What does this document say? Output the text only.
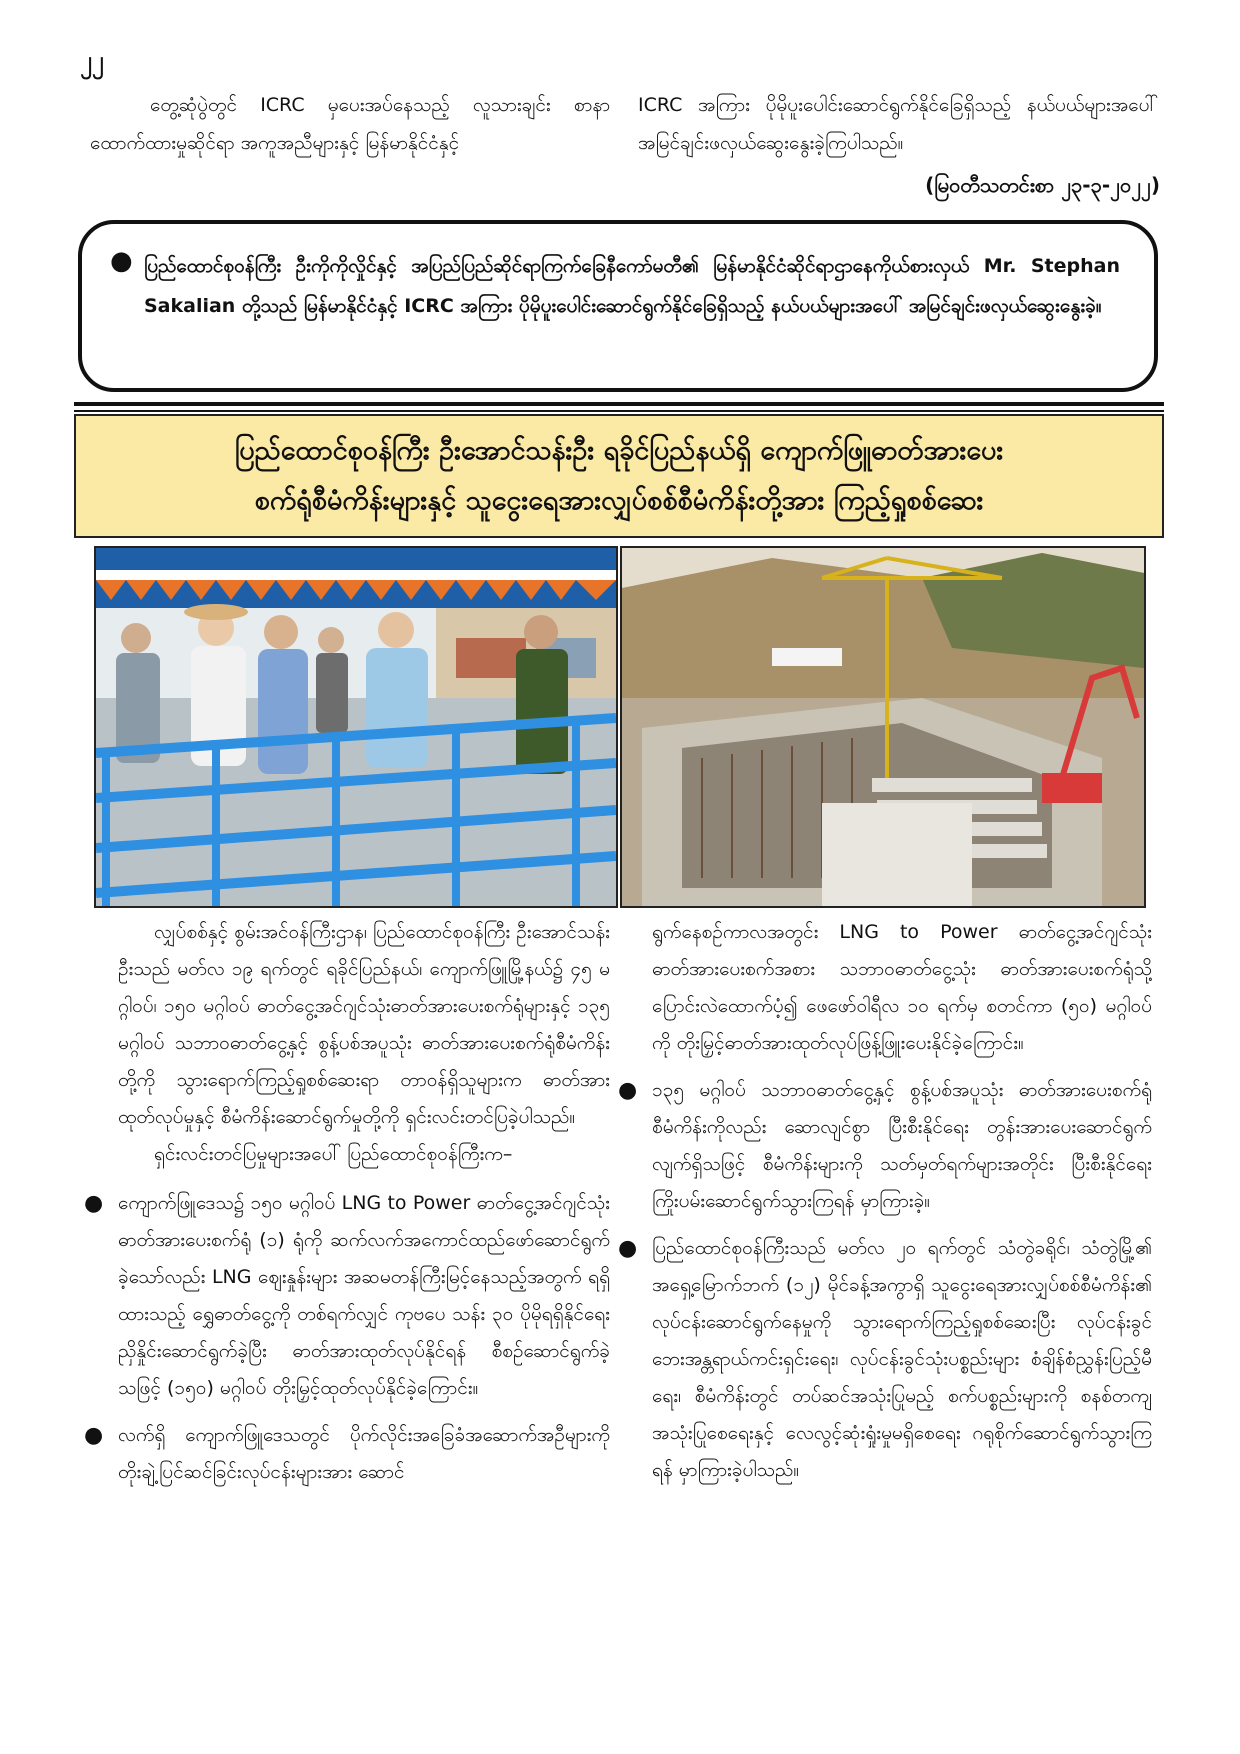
၂၂
တွေ့ဆုံပွဲတွင် ICRC မှပေးအပ်နေသည့် လူသားချင်း စာနာထောက်ထားမှုဆိုင်ရာ အကူအညီများနှင့် မြန်မာနိုင်ငံနှင့်
ICRC အကြား ပိုမိုပူးပေါင်းဆောင်ရွက်နိုင်ခြေရှိသည့် နယ်ပယ်များအပေါ် အမြင်ချင်းဖလှယ်ဆွေးနွေးခဲ့ကြပါသည်။
(မြဝတီသတင်းစာ ၂၃-၃-၂၀၂၂)
● ပြည်ထောင်စုဝန်ကြီး ဦးကိုကိုလှိုင်နှင့် အပြည်ပြည်ဆိုင်ရာကြက်ခြေနီကော်မတီ၏ မြန်မာနိုင်ငံဆိုင်ရာဌာနေကိုယ်စားလှယ် Mr. Stephan Sakalian တို့သည် မြန်မာနိုင်ငံနှင့် ICRC အကြား ပိုမိုပူးပေါင်းဆောင်ရွက်နိုင်ခြေရှိသည့် နယ်ပယ်များအပေါ် အမြင်ချင်းဖလှယ်ဆွေးနွေးခဲ့။
ပြည်ထောင်စုဝန်ကြီး ဦးအောင်သန်းဦး ရခိုင်ပြည်နယ်ရှိ ကျောက်ဖြူဓာတ်အားပေး
စက်ရုံစီမံကိန်းများနှင့် သူငွေးရေအားလျှပ်စစ်စီမံကိန်းတို့အား ကြည့်ရှုစစ်ဆေး

လျှပ်စစ်နှင့် စွမ်းအင်ဝန်ကြီးဌာန၊ ပြည်ထောင်စုဝန်ကြီး ဦးအောင်သန်းဦးသည် မတ်လ ၁၉ ရက်တွင် ရခိုင်ပြည်နယ်၊ ကျောက်ဖြူမြို့နယ်၌ ၄၅ မဂ္ဂါဝပ်၊ ၁၅၀ မဂ္ဂါဝပ် ဓာတ်ငွေ့အင်ဂျင်သုံးဓာတ်အားပေးစက်ရုံများနှင့် ၁၃၅ မဂ္ဂါဝပ် သဘာဝဓာတ်ငွေ့နှင့် စွန့်ပစ်အပူသုံး ဓာတ်အားပေးစက်ရုံစီမံကိန်းတို့ကို သွားရောက်ကြည့်ရှုစစ်ဆေးရာ တာဝန်ရှိသူများက ဓာတ်အားထုတ်လုပ်မှုနှင့် စီမံကိန်းဆောင်ရွက်မှုတို့ကို ရှင်းလင်းတင်ပြခဲ့ပါသည်။

ရှင်းလင်းတင်ပြမှုများအပေါ် ပြည်ထောင်စုဝန်ကြီးက–

● ကျောက်ဖြူဒေသ၌ ၁၅၀ မဂ္ဂါဝပ် LNG to Power ဓာတ်ငွေ့အင်ဂျင်သုံး ဓာတ်အားပေးစက်ရုံ (၁) ရုံကို ဆက်လက်အကောင်ထည်ဖော်ဆောင်ရွက်ခဲ့သော်လည်း LNG ဈေးနှုန်းများ အဆမတန်ကြီးမြင့်နေသည့်အတွက် ရရှိထားသည့် ရွှေဓာတ်ငွေ့ကို တစ်ရက်လျှင် ကုဗပေ သန်း ၃၀ ပိုမိုရရှိနိုင်ရေး ညှိနှိုင်းဆောင်ရွက်ခဲ့ပြီး ဓာတ်အားထုတ်လုပ်နိုင်ရန် စီစဉ်ဆောင်ရွက်ခဲ့သဖြင့် (၁၅၀) မဂ္ဂါဝပ် တိုးမြှင့်ထုတ်လုပ်နိုင်ခဲ့ကြောင်း။
● လက်ရှိ ကျောက်ဖြူဒေသတွင် ပိုက်လိုင်းအခြေခံအဆောက်အဦများကို တိုးချဲ့ပြင်ဆင်ခြင်းလုပ်ငန်းများအား ဆောင်

ရွက်နေစဉ်ကာလအတွင်း LNG to Power ဓာတ်ငွေ့အင်ဂျင်သုံးဓာတ်အားပေးစက်အစား သဘာဝဓာတ်ငွေ့သုံး ဓာတ်အားပေးစက်ရုံသို့ ပြောင်းလဲထောက်ပံ့၍ ဖေဖော်ဝါရီလ ၁၀ ရက်မှ စတင်ကာ (၅၀) မဂ္ဂါဝပ်ကို တိုးမြှင့်ဓာတ်အားထုတ်လုပ်ဖြန့်ဖြူးပေးနိုင်ခဲ့ကြောင်း။

● ၁၃၅ မဂ္ဂါဝပ် သဘာဝဓာတ်ငွေ့နှင့် စွန့်ပစ်အပူသုံး ဓာတ်အားပေးစက်ရုံစီမံကိန်းကိုလည်း ဆောလျင်စွာ ပြီးစီးနိုင်ရေး တွန်းအားပေးဆောင်ရွက်လျက်ရှိသဖြင့် စီမံကိန်းများကို သတ်မှတ်ရက်များအတိုင်း ပြီးစီးနိုင်ရေး ကြိုးပမ်းဆောင်ရွက်သွားကြရန် မှာကြားခဲ့။
● ပြည်ထောင်စုဝန်ကြီးသည် မတ်လ ၂၀ ရက်တွင် သံတွဲခရိုင်၊ သံတွဲမြို့၏ အရှေ့မြောက်ဘက် (၁၂) မိုင်ခန့်အကွာရှိ သူငွေးရေအားလျှပ်စစ်စီမံကိန်း၏ လုပ်ငန်းဆောင်ရွက်နေမှုကို သွားရောက်ကြည့်ရှုစစ်ဆေးပြီး လုပ်ငန်းခွင်ဘေးအန္တရာယ်ကင်းရှင်းရေး၊ လုပ်ငန်းခွင်သုံးပစ္စည်းများ စံချိန်စံညွှန်းပြည့်မီရေး၊ စီမံကိန်းတွင် တပ်ဆင်အသုံးပြုမည့် စက်ပစ္စည်းများကို စနစ်တကျ အသုံးပြုစေရေးနှင့် လေလွင့်ဆုံးရှုံးမှုမရှိစေရေး ဂရုစိုက်ဆောင်ရွက်သွားကြရန် မှာကြားခဲ့ပါသည်။
